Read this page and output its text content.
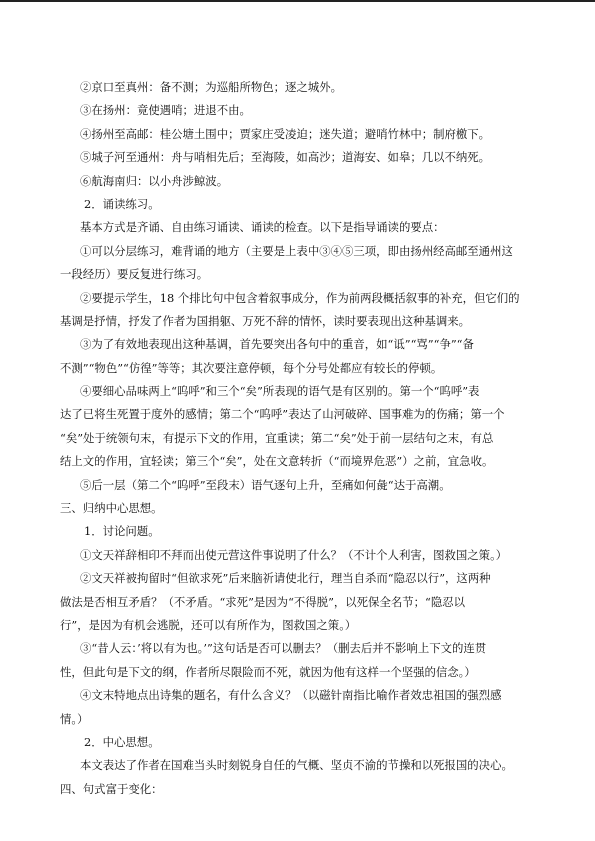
②京口至真州：备不测；为巡船所物色；逐之城外。
③在扬州：竟使遇哨；进退不由。
④扬州至高邮：桂公塘土围中；贾家庄受凌迫；迷失道；避哨竹林中；制府檄下。
⑤城子河至通州：舟与哨相先后；至海陵，如高沙；道海安、如皋；几以不纳死。
⑥航海南归：以小舟涉鲸波。
2．诵读练习。
基本方式是齐诵、自由练习诵读、诵读的检查。以下是指导诵读的要点：
①可以分层练习，难背诵的地方（主要是上表中③④⑤三项，即由扬州经高邮至通州这
一段经历）要反复进行练习。
②要提示学生，18 个排比句中包含着叙事成分，作为前两段概括叙事的补充，但它们的
基调是抒情，抒发了作者为国捐躯、万死不辞的情怀，读时要表现出这种基调来。
③为了有效地表现出这种基调，首先要突出各句中的重音，如“诋”“骂”“争”“备
不测”“物色”“仿徨”等等；其次要注意停顿，每个分号处都应有较长的停顿。
④要细心品味两上“呜呼”和三个“矣”所表现的语气是有区别的。第一个“呜呼”表
达了已将生死置于度外的感情；第二个“呜呼”表达了山河破碎、国事难为的伤痛；第一个
“矣”处于统领句末，有提示下文的作用，宜重读；第二“矣”处于前一层结句之末，有总
结上文的作用，宜轻读；第三个“矣”，处在文意转折（“而境界危恶”）之前，宜急收。
⑤后一层（第二个“呜呼”至段末）语气逐句上升，至痛如何彘“达于高潮。
三、归纳中心思想。
1．讨论问题。
①文天祥辞相印不拜而出使元营这件事说明了什么？（不计个人利害，图救国之策。）
②文天祥被拘留时“但欲求死”后来脑祈请使北行，理当自杀而“隐忍以行”，这两种
做法是否相互矛盾？（不矛盾。“求死”是因为“不得脱”，以死保全名节；“隐忍以
行”，是因为有机会逃脱，还可以有所作为，图救国之策。）
③“昔人云：’将以有为也。’”这句话是否可以删去？（删去后并不影响上下文的连贯
性，但此句是下文的纲，作者所尽限险而不死，就因为他有这样一个坚强的信念。）
④文末特地点出诗集的题名，有什么含义？（以磁针南指比喻作者效忠祖国的强烈感
情。）
2．中心思想。
本文表达了作者在国难当头时刻锐身自任的气概、坚贞不渝的节操和以死报国的决心。
四、句式富于变化：
